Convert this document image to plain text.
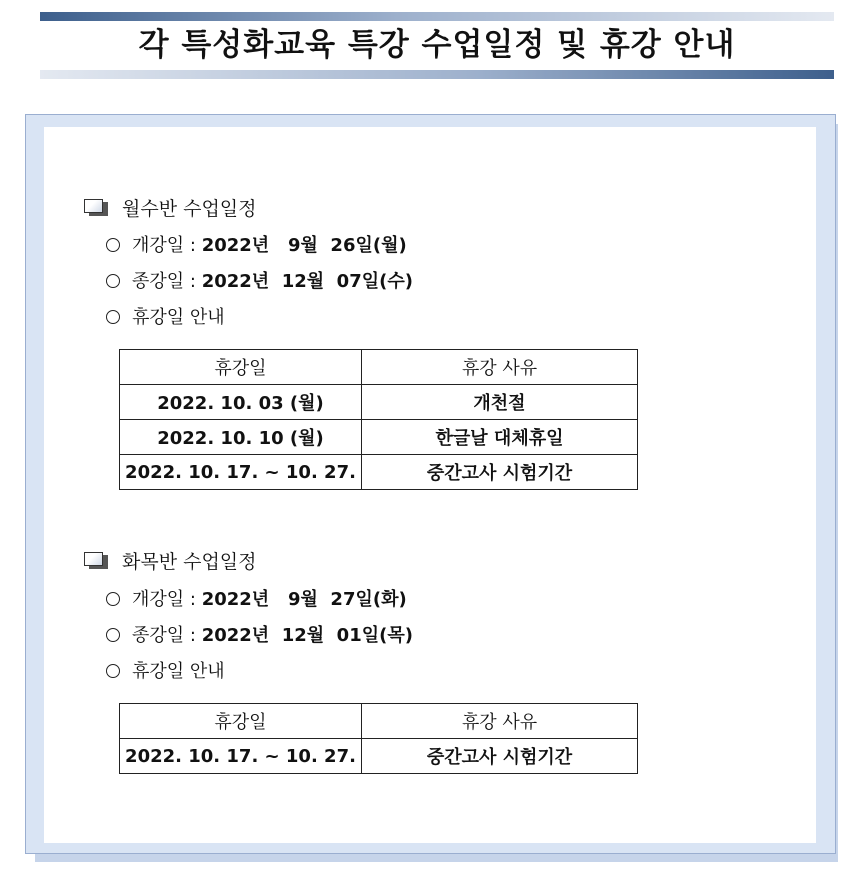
각 특성화교육 특강 수업일정 및 휴강 안내
월수반 수업일정
개강일 : 2022년   9월  26일(월)
종강일 : 2022년  12월  07일(수)
휴강일 안내
휴강일	휴강 사유
2022. 10. 03 (월)	개천절
2022. 10. 10 (월)	한글날 대체휴일
2022. 10. 17. ~ 10. 27.	중간고사 시험기간
화목반 수업일정
개강일 : 2022년   9월  27일(화)
종강일 : 2022년  12월  01일(목)
휴강일 안내
휴강일	휴강 사유
2022. 10. 17. ~ 10. 27.	중간고사 시험기간
